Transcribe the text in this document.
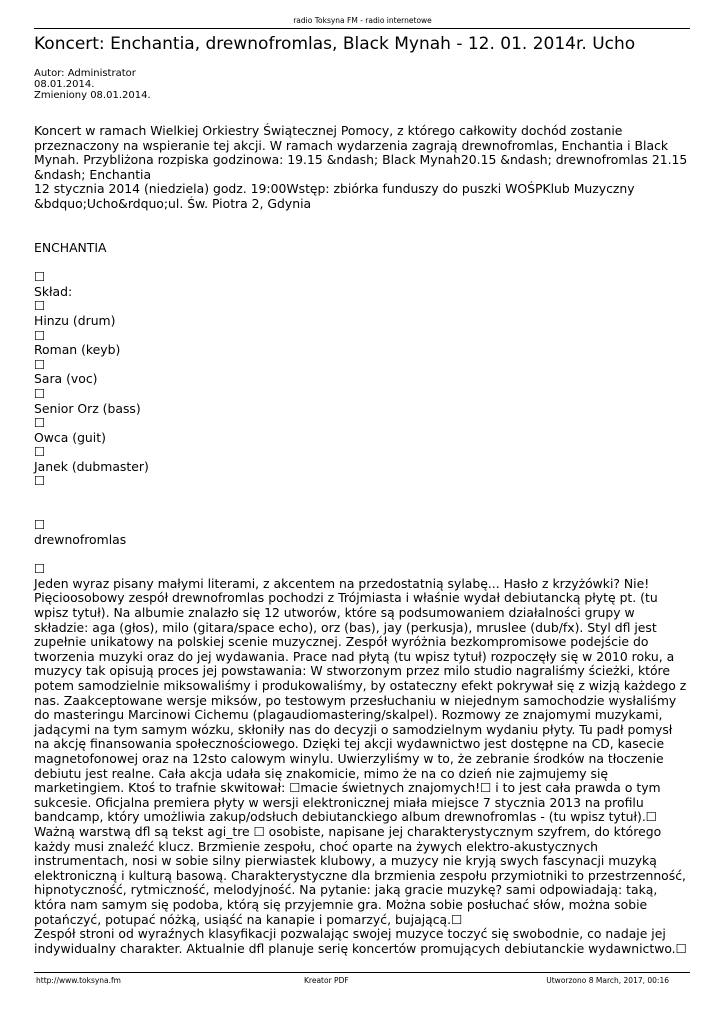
radio Toksyna FM - radio internetowe
Koncert: Enchantia, drewnofromlas, Black Mynah - 12. 01. 2014r. Ucho
Autor: Administrator
08.01.2014.
Zmieniony 08.01.2014.

Koncert w ramach Wielkiej Orkiestry Świątecznej Pomocy, z którego całkowity dochód zostanie przeznaczony na wspieranie tej akcji. W ramach wydarzenia zagrają drewnofromlas, Enchantia i Black Mynah. Przybliżona rozpiska godzinowa: 19.15 &ndash; Black Mynah20.15 &ndash; drewnofromlas 21.15 &ndash; Enchantia

12 stycznia 2014 (niedziela) godz. 19:00Wstęp: zbiórka funduszy do puszki WOŚPKlub Muzyczny &bdquo;Ucho&rdquo;ul. Św. Piotra 2, Gdynia

ENCHANTIA

☐

Skład:

☐

Hinzu (drum)

☐

Roman (keyb)

☐

Sara (voc)

☐

Senior Orz (bass)

☐

Owca (guit)

☐

Janek (dubmaster)

☐
☐

drewnofromlas

☐

Jeden wyraz pisany małymi literami, z akcentem na przedostatnią sylabę... Hasło z krzyżówki? Nie! Pięcioosobowy zespół drewnofromlas pochodzi z Trójmiasta i właśnie wydał debiutancką płytę pt. (tu wpisz tytuł). Na albumie znalazło się 12 utworów, które są podsumowaniem działalności grupy w składzie: aga (głos), milo (gitara/space echo), orz (bas), jay (perkusja), mruslee (dub/fx). Styl dfl jest zupełnie unikatowy na polskiej scenie muzycznej. Zespół wyróżnia bezkompromisowe podejście do tworzenia muzyki oraz do jej wydawania. Prace nad płytą (tu wpisz tytuł) rozpoczęły się w 2010 roku, a muzycy tak opisują proces jej powstawania: W stworzonym przez milo studio nagraliśmy ścieżki, które potem samodzielnie miksowaliśmy i produkowaliśmy, by ostateczny efekt pokrywał się z wizją każdego z nas. Zaakceptowane wersje miksów, po testowym przesłuchaniu w niejednym samochodzie wysłaliśmy do masteringu Marcinowi Cichemu (plagaudiomastering/skalpel). Rozmowy ze znajomymi muzykami, jadącymi na tym samym wózku, skłoniły nas do decyzji o samodzielnym wydaniu płyty. Tu padł pomysł na akcję finansowania społecznościowego. Dzięki tej akcji wydawnictwo jest dostępne na CD, kasecie magnetofonowej oraz na 12sto calowym winylu. Uwierzyliśmy w to, że zebranie środków na tłoczenie debiutu jest realne. Cała akcja udała się znakomicie, mimo że na co dzień nie zajmujemy się marketingiem. Ktoś to trafnie skwitował: ☐macie świetnych znajomych!☐ i to jest cała prawda o tym sukcesie. Oficjalna premiera płyty w wersji elektronicznej miała miejsce 7 stycznia 2013 na profilu bandcamp, który umożliwia zakup/odsłuch debiutanckiego album drewnofromlas - (tu wpisz tytuł).☐ Ważną warstwą dfl są tekst agi_tre ☐ osobiste, napisane jej charakterystycznym szyfrem, do którego każdy musi znaleźć klucz. Brzmienie zespołu, choć oparte na żywych elektro-akustycznych instrumentach, nosi w sobie silny pierwiastek klubowy, a muzycy nie kryją swych fascynacji muzyką elektroniczną i kulturą basową. Charakterystyczne dla brzmienia zespołu przymiotniki to przestrzenność, hipnotyczność, rytmiczność, melodyjność. Na pytanie: jaką gracie muzykę? sami odpowiadają: taką, która nam samym się podoba, którą się przyjemnie gra. Można sobie posłuchać słów, można sobie potańczyć, potupać nóżką, usiąść na kanapie i pomarzyć, bujającą.☐

Zespół stroni od wyraźnych klasyfikacji pozwalając swojej muzyce toczyć się swobodnie, co nadaje jej indywidualny charakter. Aktualnie dfl planuje serię koncertów promujących debiutanckie wydawnictwo.☐

http://www.toksyna.fm	Kreator PDF	Utworzono 8 March, 2017, 00:16
